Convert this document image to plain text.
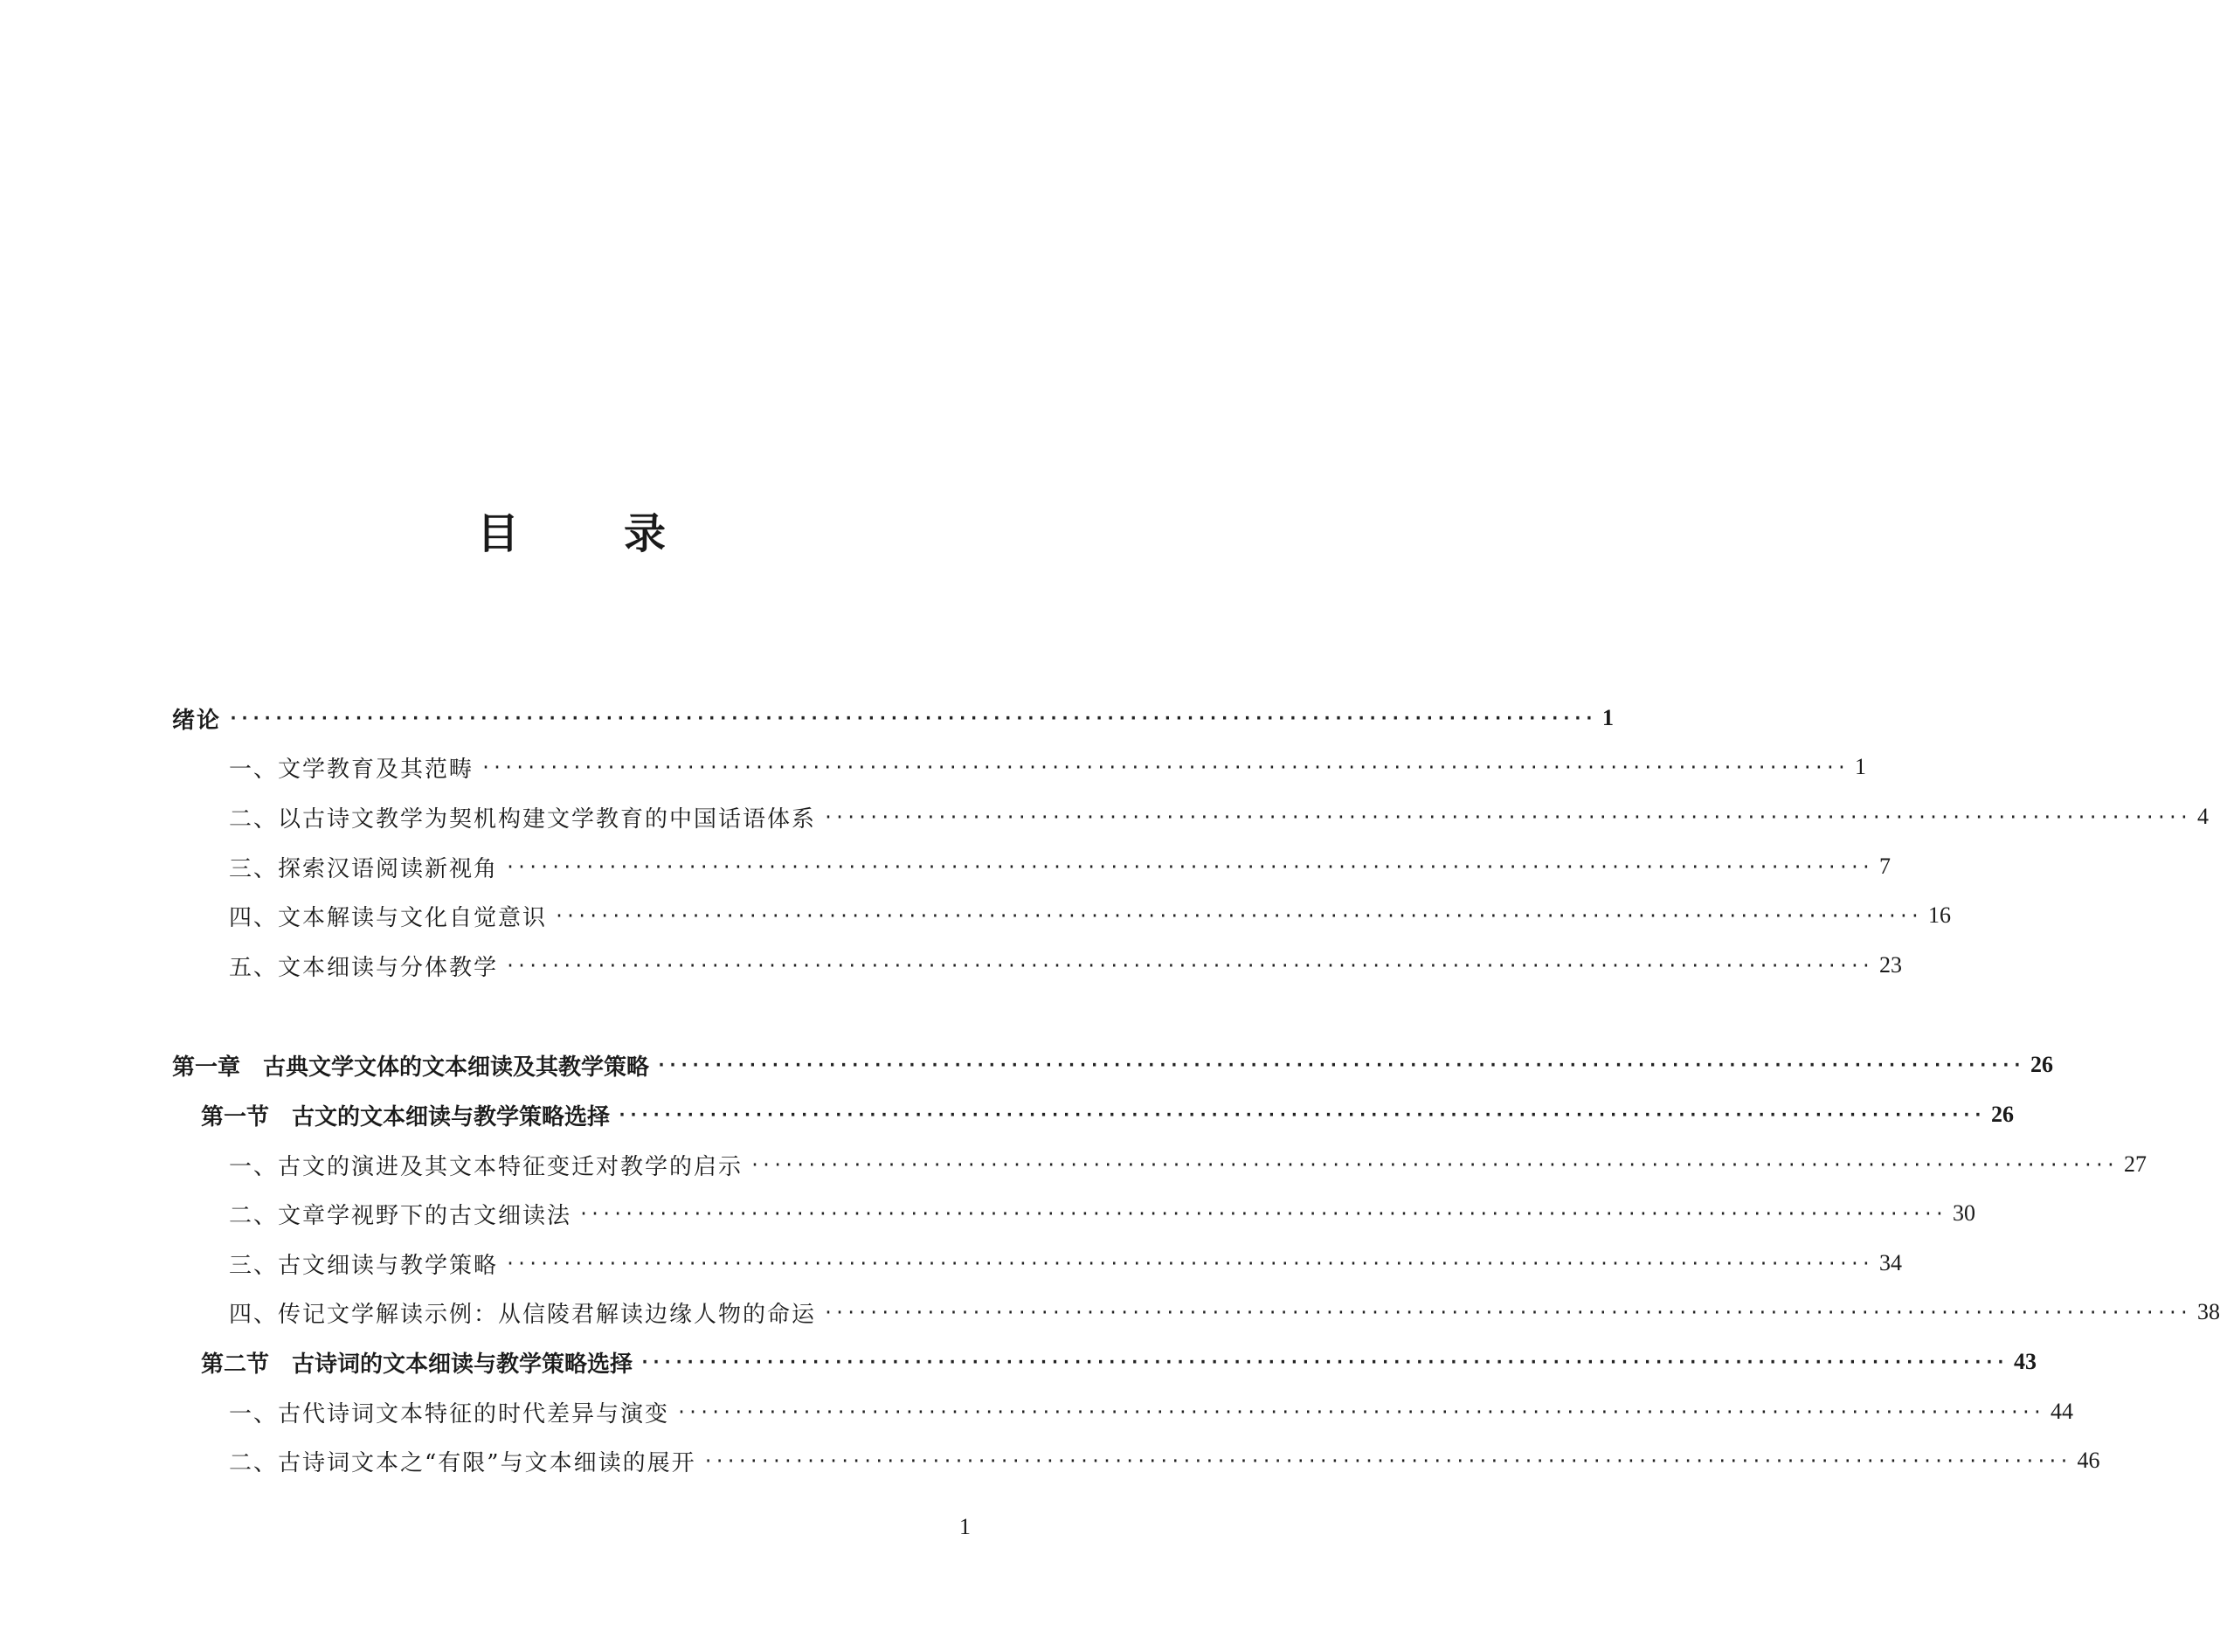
目	录
绪论 ························································································································ 1
一、文学教育及其范畴 ························································································································ 1
二、以古诗文教学为契机构建文学教育的中国话语体系 ························································································································ 4
三、探索汉语阅读新视角 ························································································································ 7
四、文本解读与文化自觉意识 ························································································································ 16
五、文本细读与分体教学 ························································································································ 23
第一章　古典文学文体的文本细读及其教学策略 ························································································································ 26
第一节　古文的文本细读与教学策略选择 ························································································································ 26
一、古文的演进及其文本特征变迁对教学的启示 ························································································································ 27
二、文章学视野下的古文细读法 ························································································································ 30
三、古文细读与教学策略 ························································································································ 34
四、传记文学解读示例：从信陵君解读边缘人物的命运 ························································································································ 38
第二节　古诗词的文本细读与教学策略选择 ························································································································ 43
一、古代诗词文本特征的时代差异与演变 ························································································································ 44
二、古诗词文本之“有限”与文本细读的展开 ························································································································ 46
1
